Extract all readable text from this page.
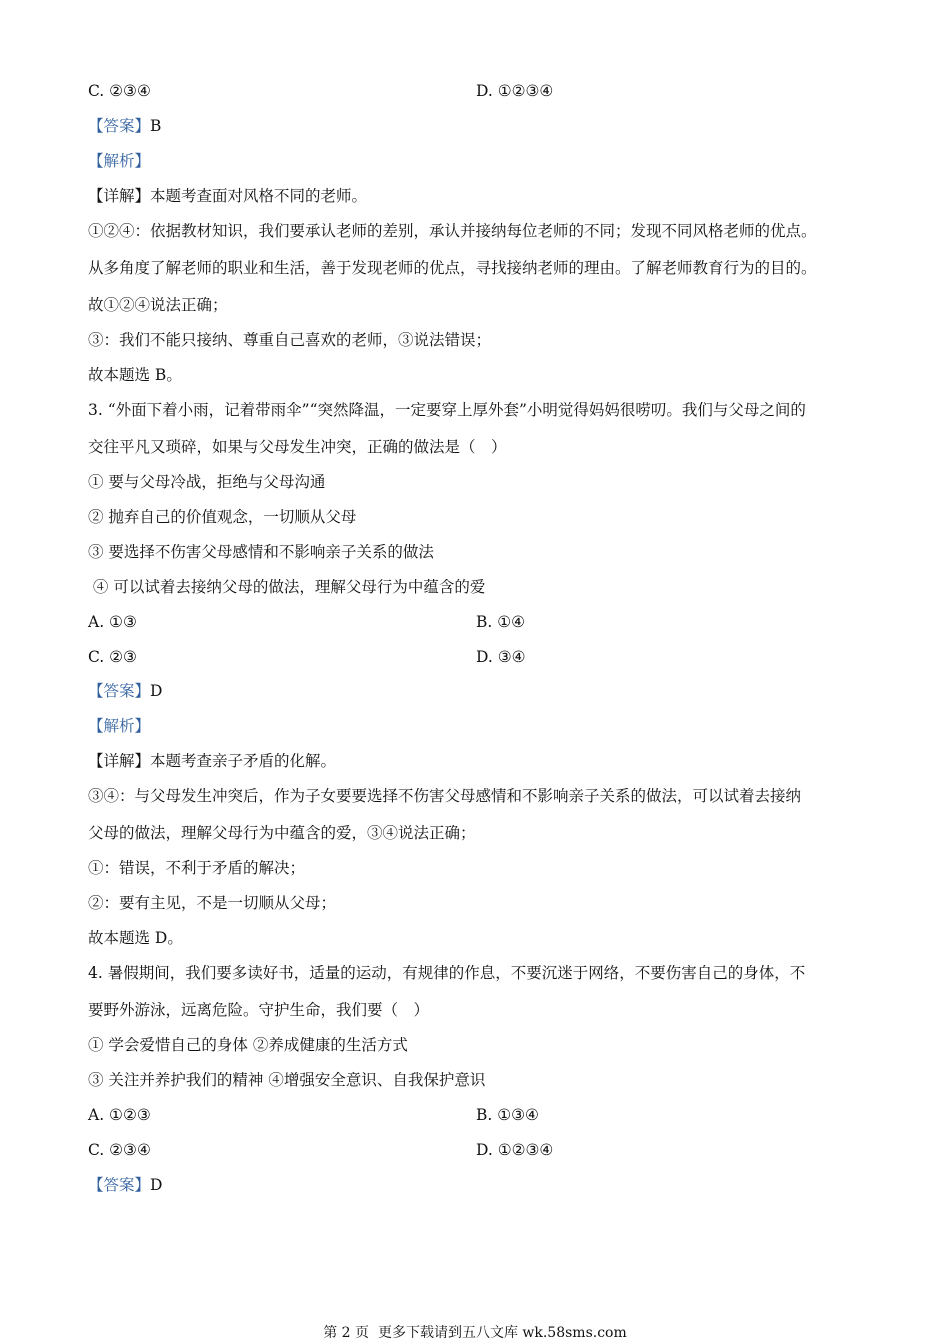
C. ②③④	D. ①②③④
【答案】B
【解析】
【详解】本题考查面对风格不同的老师。
①②④：依据教材知识，我们要承认老师的差别，承认并接纳每位老师的不同；发现不同风格老师的优点。
从多角度了解老师的职业和生活，善于发现老师的优点，寻找接纳老师的理由。了解老师教育行为的目的。
故①②④说法正确；
③：我们不能只接纳、尊重自己喜欢的老师，③说法错误；
故本题选 B。
3. “外面下着小雨，记着带雨伞”“突然降温，一定要穿上厚外套”小明觉得妈妈很唠叨。我们与父母之间的
交往平凡又琐碎，如果与父母发生冲突，正确的做法是（　）
① 要与父母冷战，拒绝与父母沟通
② 抛弃自己的价值观念，一切顺从父母
③ 要选择不伤害父母感情和不影响亲子关系的做法
④ 可以试着去接纳父母的做法，理解父母行为中蕴含的爱
A. ①③	B. ①④
C. ②③	D. ③④
【答案】D
【解析】
【详解】本题考查亲子矛盾的化解。
③④：与父母发生冲突后，作为子女要要选择不伤害父母感情和不影响亲子关系的做法，可以试着去接纳
父母的做法，理解父母行为中蕴含的爱，③④说法正确；
①：错误，不利于矛盾的解决；
②：要有主见，不是一切顺从父母；
故本题选 D。
4. 暑假期间，我们要多读好书，适量的运动，有规律的作息，不要沉迷于网络，不要伤害自己的身体，不
要野外游泳，远离危险。守护生命，我们要（　）
① 学会爱惜自己的身体 ②养成健康的生活方式
③ 关注并养护我们的精神 ④增强安全意识、自我保护意识
A. ①②③	B. ①③④
C. ②③④	D. ①②③④
【答案】D
第 2 页  更多下载请到五八文库 wk.58sms.com
